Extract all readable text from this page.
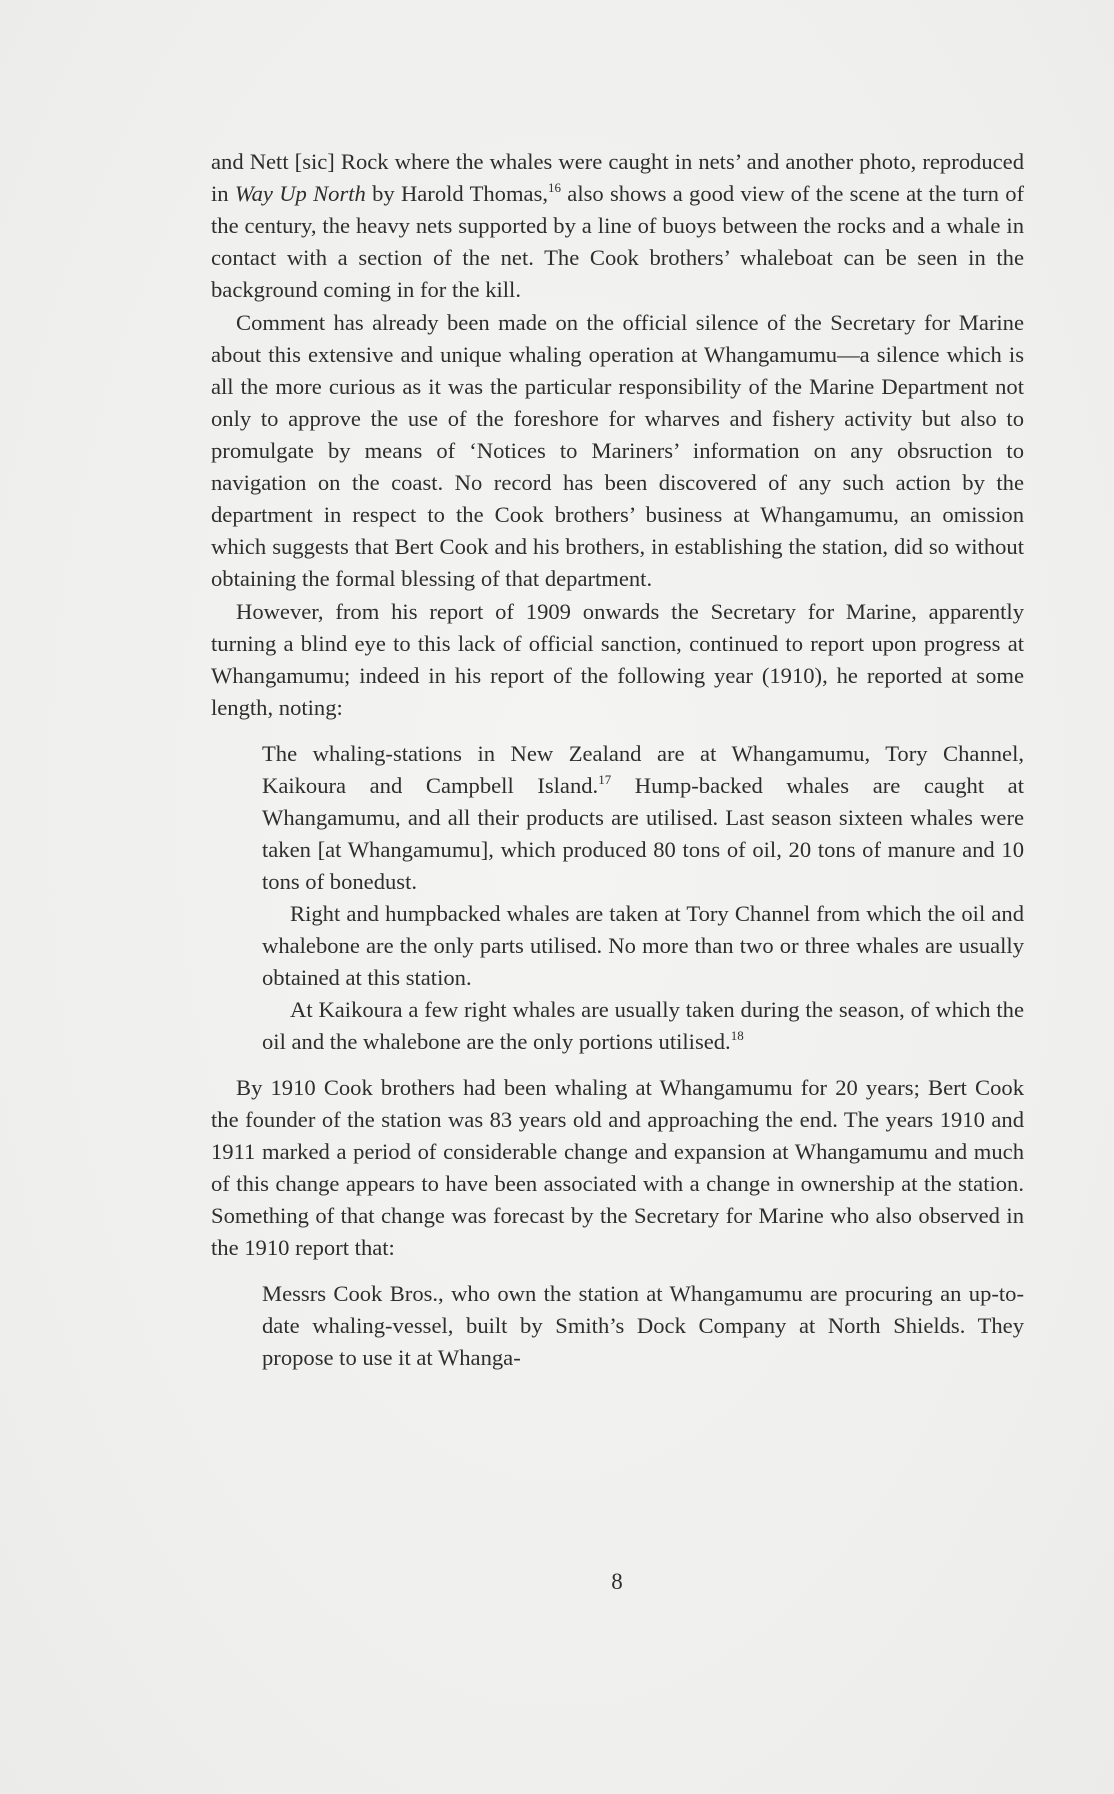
and Nett [sic] Rock where the whales were caught in nets’ and another photo, reproduced in Way Up North by Harold Thomas,$^{16}$ also shows a good view of the scene at the turn of the century, the heavy nets supported by a line of buoys between the rocks and a whale in contact with a section of the net. The Cook brothers’ whaleboat can be seen in the background coming in for the kill.

Comment has already been made on the official silence of the Secretary for Marine about this extensive and unique whaling operation at Whangamumu—a silence which is all the more curious as it was the particular responsibility of the Marine Department not only to approve the use of the foreshore for wharves and fishery activity but also to promulgate by means of ‘Notices to Mariners’ information on any obsruction to navigation on the coast. No record has been discovered of any such action by the department in respect to the Cook brothers’ business at Whangamumu, an omission which suggests that Bert Cook and his brothers, in establishing the station, did so without obtaining the formal blessing of that department.

However, from his report of 1909 onwards the Secretary for Marine, apparently turning a blind eye to this lack of official sanction, continued to report upon progress at Whangamumu; indeed in his report of the following year (1910), he reported at some length, noting:

The whaling-stations in New Zealand are at Whangamumu, Tory Channel, Kaikoura and Campbell Island.$^{17}$ Hump-backed whales are caught at Whangamumu, and all their products are utilised. Last season sixteen whales were taken [at Whangamumu], which produced 80 tons of oil, 20 tons of manure and 10 tons of bonedust.

Right and humpbacked whales are taken at Tory Channel from which the oil and whalebone are the only parts utilised. No more than two or three whales are usually obtained at this station.

At Kaikoura a few right whales are usually taken during the season, of which the oil and the whalebone are the only portions utilised.$^{18}$

By 1910 Cook brothers had been whaling at Whangamumu for 20 years; Bert Cook the founder of the station was 83 years old and approaching the end. The years 1910 and 1911 marked a period of considerable change and expansion at Whangamumu and much of this change appears to have been associated with a change in ownership at the station. Something of that change was forecast by the Secretary for Marine who also observed in the 1910 report that:

Messrs Cook Bros., who own the station at Whangamumu are procuring an up-to-date whaling-vessel, built by Smith’s Dock Company at North Shields. They propose to use it at Whanga-

8
